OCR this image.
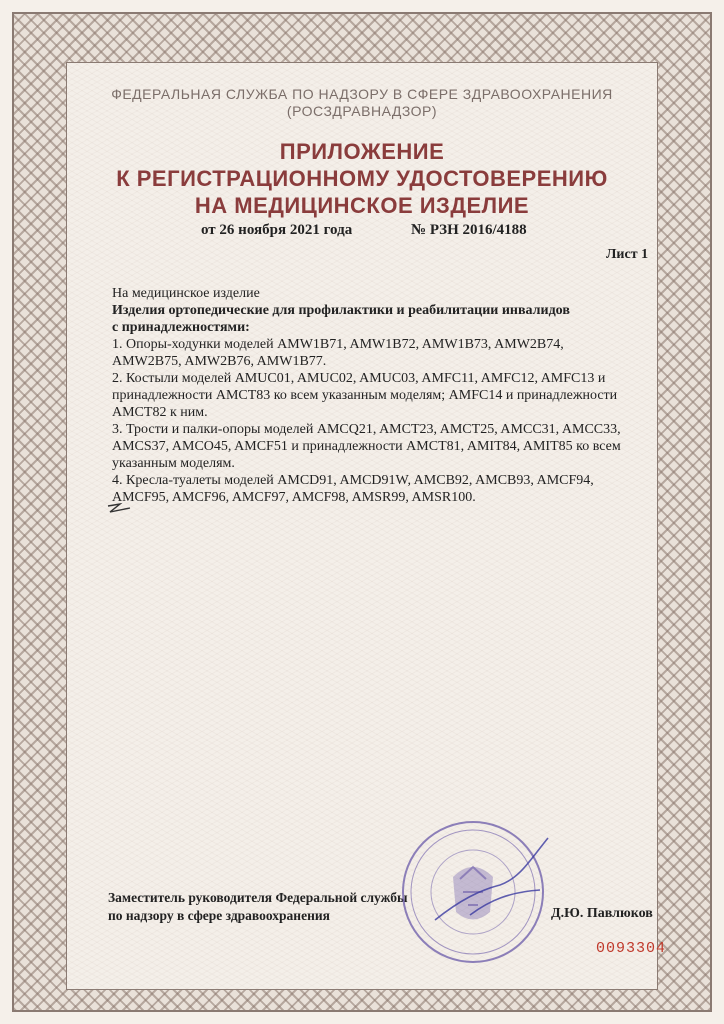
ФЕДЕРАЛЬНАЯ СЛУЖБА ПО НАДЗОРУ В СФЕРЕ ЗДРАВООХРАНЕНИЯ
(РОСЗДРАВНАДЗОР)
ПРИЛОЖЕНИЕ
К РЕГИСТРАЦИОННОМУ УДОСТОВЕРЕНИЮ
НА МЕДИЦИНСКОЕ ИЗДЕЛИЕ
от 26 ноября 2021 года	№ РЗН 2016/4188
Лист 1

На медицинское изделие

Изделия ортопедические для профилактики и реабилитации инвалидов

с принадлежностями:

1. Опоры-ходунки моделей AMW1B71, AMW1B72, AMW1B73, AMW2B74,

AMW2B75, AMW2B76, AMW1B77.

2. Костыли моделей AMUC01, AMUC02, AMUC03, AMFC11, AMFC12, AMFC13 и

принадлежности AMCT83 ко всем указанным моделям; AMFC14 и принадлежности

AMCT82 к ним.

3. Трости и палки-опоры моделей AMCQ21, AMCT23, AMCT25, AMCC31, AMCC33,

AMCS37, AMCO45, AMCF51 и принадлежности AMCT81, AMIT84, AMIT85 ко всем

указанным моделям.

4. Кресла-туалеты моделей AMCD91, AMCD91W, AMCB92, AMCB93, AMCF94,

AMCF95, AMCF96, AMCF97, AMCF98, AMSR99, AMSR100.

Заместитель руководителя Федеральной службы
по надзору в сфере здравоохранения	Д.Ю. Павлюков
0093304
